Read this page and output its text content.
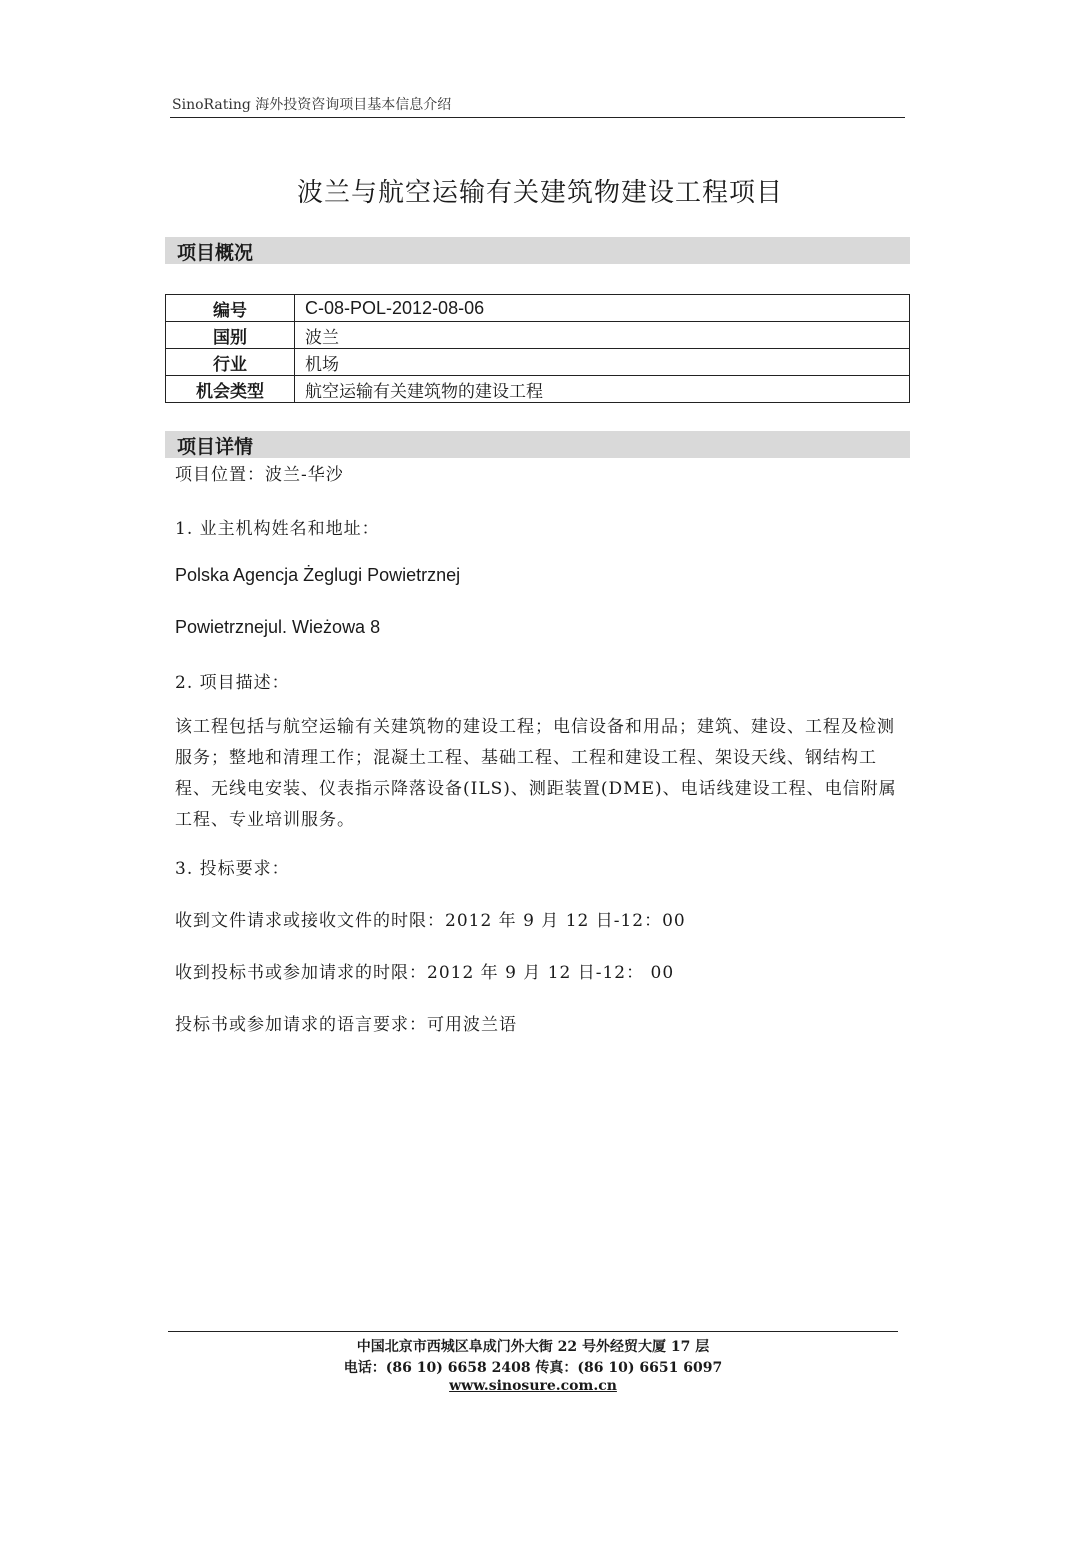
SinoRating 海外投资咨询项目基本信息介绍
波兰与航空运输有关建筑物建设工程项目
项目概况
编号	C-08-POL-2012-08-06
国别	波兰
行业	机场
机会类型	航空运输有关建筑物的建设工程
项目详情
项目位置：波兰-华沙
1. 业主机构姓名和地址：
Polska Agencja Żeglugi Powietrznej
Powietrznejul. Wieżowa 8
2. 项目描述：
该工程包括与航空运输有关建筑物的建设工程；电信设备和用品；建筑、建设、工程及检测服务；整地和清理工作；混凝土工程、基础工程、工程和建设工程、架设天线、钢结构工程、无线电安装、仪表指示降落设备(ILS)、测距装置(DME)、电话线建设工程、电信附属工程、专业培训服务。
3. 投标要求：
收到文件请求或接收文件的时限：2012 年 9 月 12 日-12：00
收到投标书或参加请求的时限：2012 年 9 月 12 日-12： 00
投标书或参加请求的语言要求：可用波兰语
中国北京市西城区阜成门外大街 22 号外经贸大厦 17 层
电话：(86 10) 6658 2408 传真：(86 10) 6651 6097
www.sinosure.com.cn
